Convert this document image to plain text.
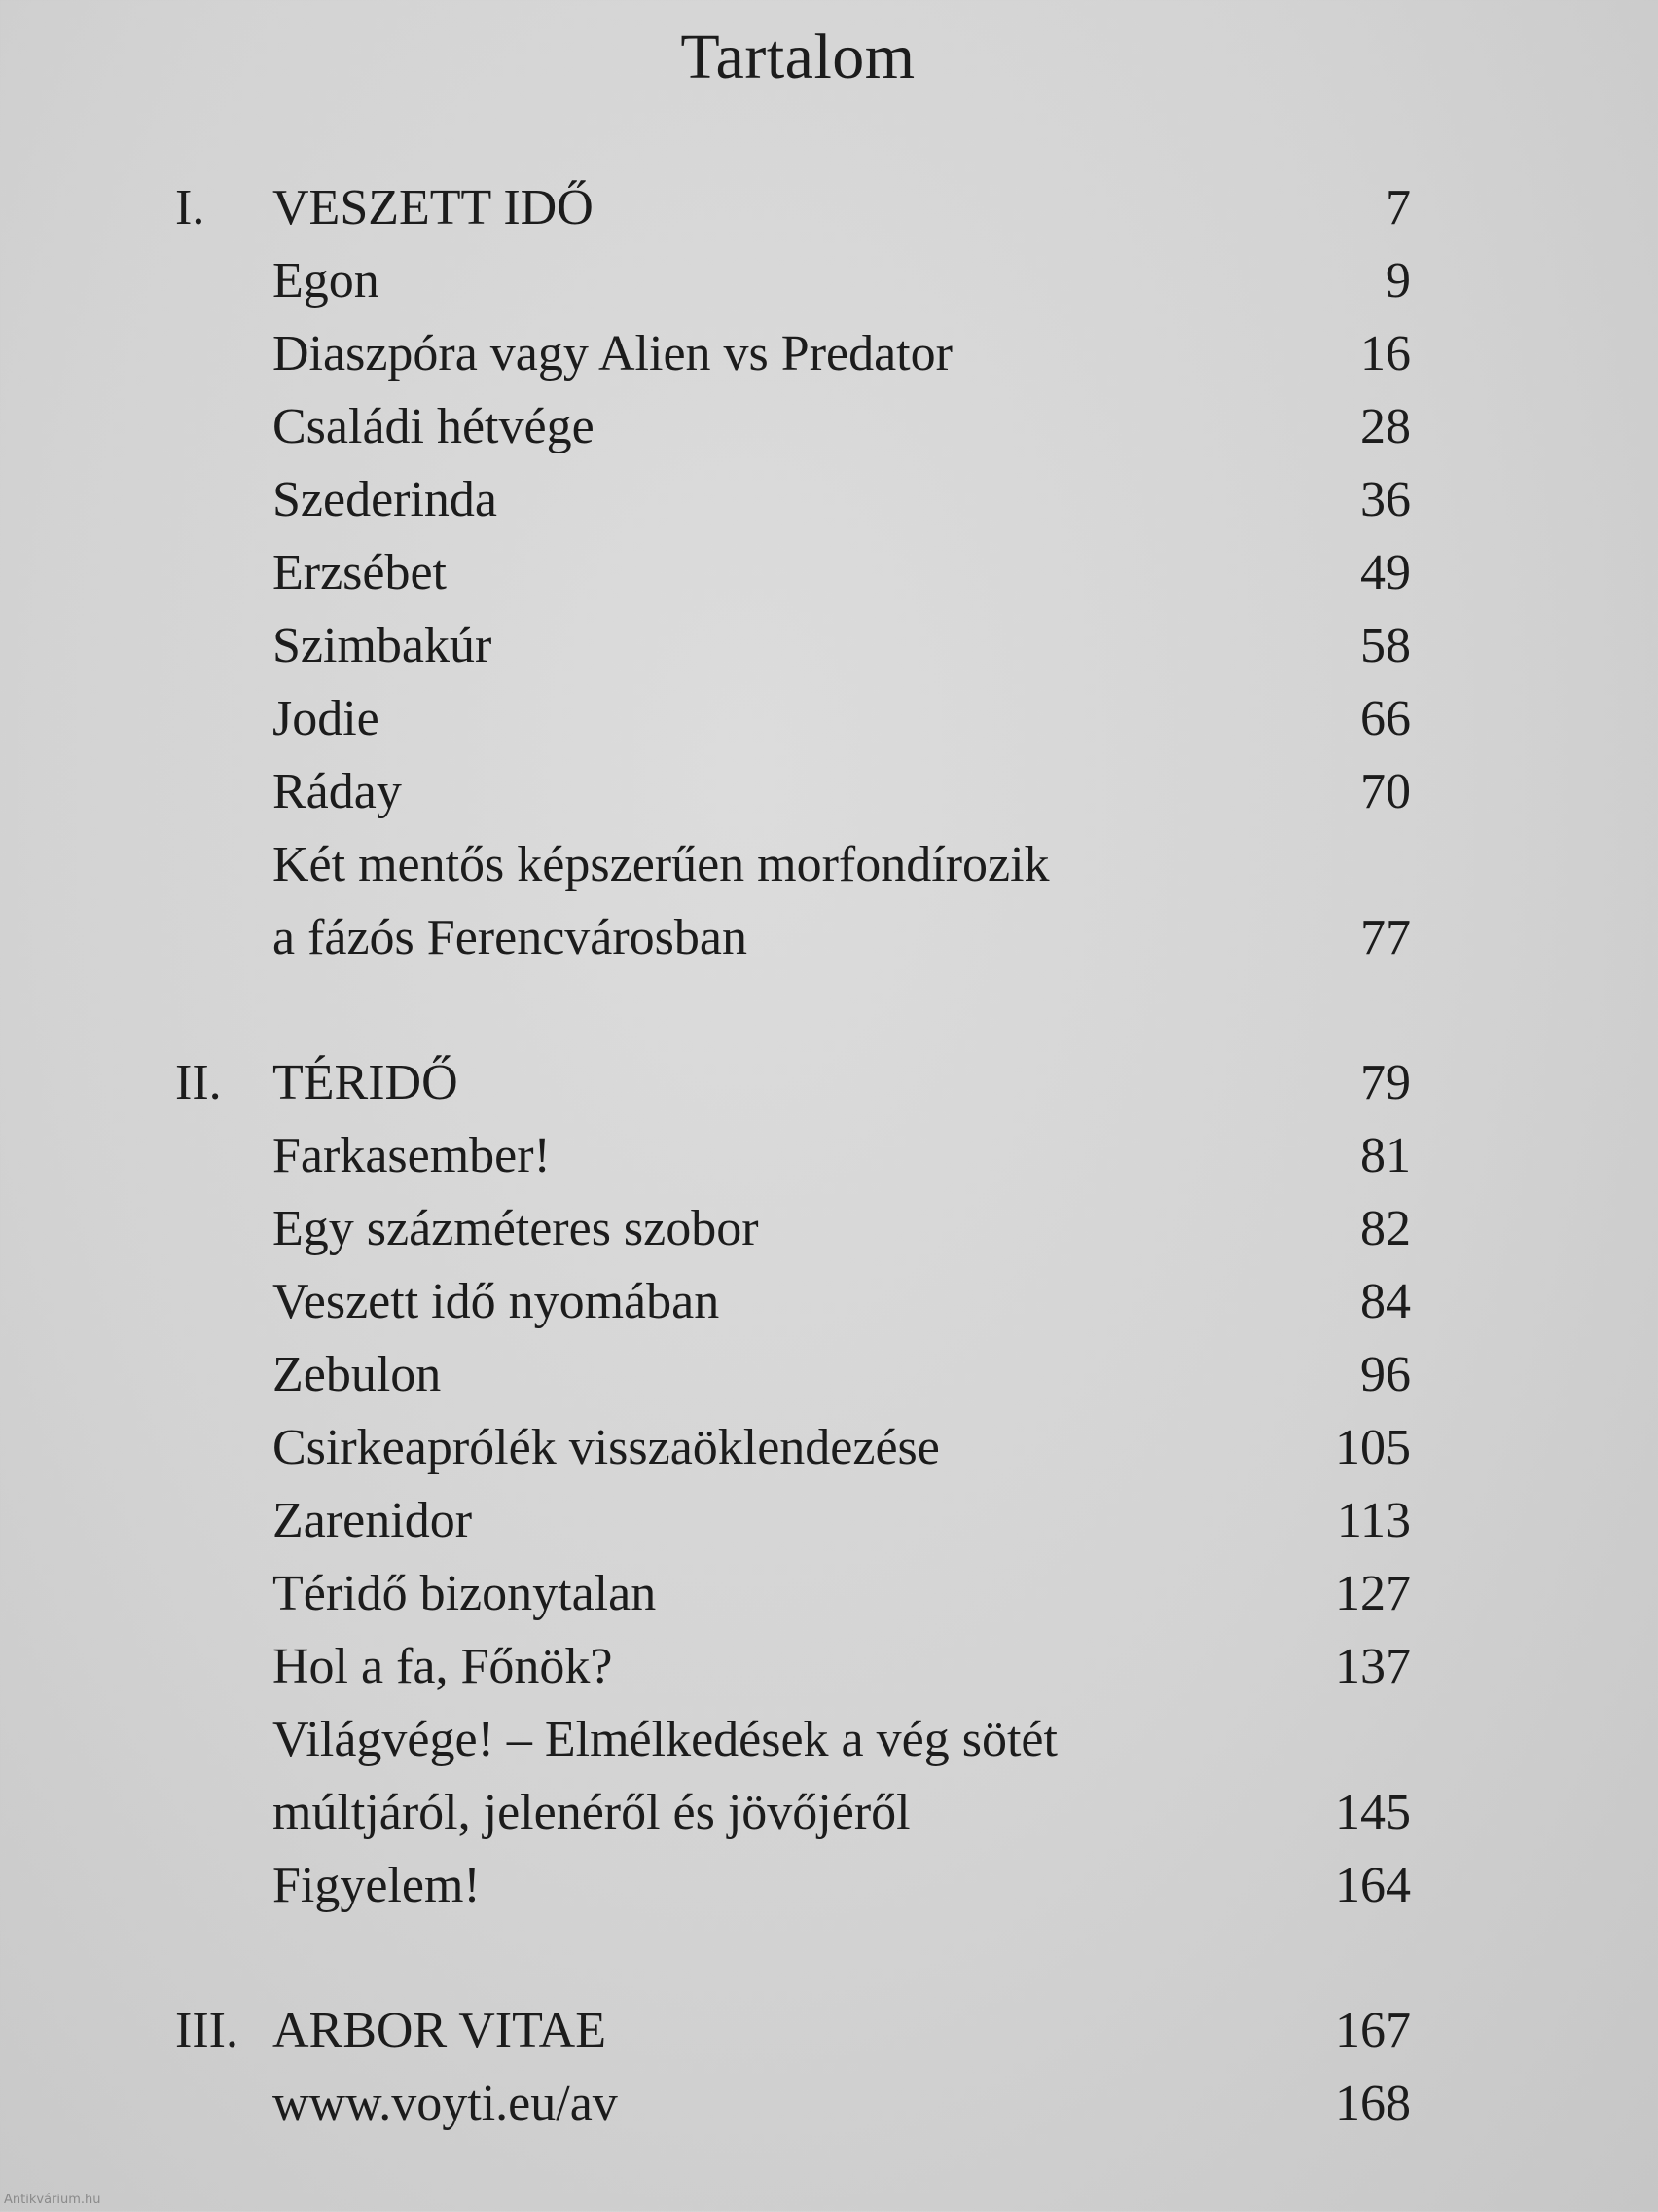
Tartalom
I.	VESZETT IDŐ	7
Egon	9
Diaszpóra vagy Alien vs Predator	16
Családi hétvége	28
Szederinda	36
Erzsébet	49
Szimbakúr	58
Jodie	66
Ráday	70
Két mentős képszerűen morfondírozik
a fázós Ferencvárosban	77
II.	TÉRIDŐ	79
Farkasember!	81
Egy százméteres szobor	82
Veszett idő nyomában	84
Zebulon	96
Csirkeaprólék visszaöklendezése	105
Zarenidor	113
Téridő bizonytalan	127
Hol a fa, Főnök?	137
Világvége! – Elmélkedések a vég sötét
múltjáról, jelenéről és jövőjéről	145
Figyelem!	164
III. ARBOR VITAE	167
www.voyti.eu/av	168
Antikvárium.hu
